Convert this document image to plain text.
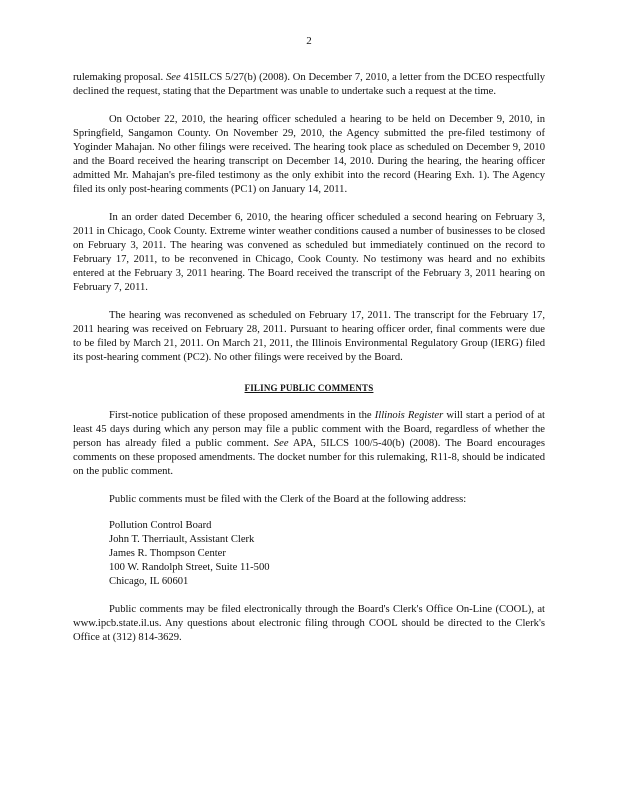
2

rulemaking proposal. See 415ILCS 5/27(b) (2008). On December 7, 2010, a letter from the DCEO respectfully declined the request, stating that the Department was unable to undertake such a request at the time.

On October 22, 2010, the hearing officer scheduled a hearing to be held on December 9, 2010, in Springfield, Sangamon County. On November 29, 2010, the Agency submitted the pre-filed testimony of Yoginder Mahajan. No other filings were received. The hearing took place as scheduled on December 9, 2010 and the Board received the hearing transcript on December 14, 2010. During the hearing, the hearing officer admitted Mr. Mahajan's pre-filed testimony as the only exhibit into the record (Hearing Exh. 1). The Agency filed its only post-hearing comments (PC1) on January 14, 2011.

In an order dated December 6, 2010, the hearing officer scheduled a second hearing on February 3, 2011 in Chicago, Cook County. Extreme winter weather conditions caused a number of businesses to be closed on February 3, 2011. The hearing was convened as scheduled but immediately continued on the record to February 17, 2011, to be reconvened in Chicago, Cook County. No testimony was heard and no exhibits entered at the February 3, 2011 hearing. The Board received the transcript of the February 3, 2011 hearing on February 7, 2011.

The hearing was reconvened as scheduled on February 17, 2011. The transcript for the February 17, 2011 hearing was received on February 28, 2011. Pursuant to hearing officer order, final comments were due to be filed by March 21, 2011. On March 21, 2011, the Illinois Environmental Regulatory Group (IERG) filed its post-hearing comment (PC2). No other filings were received by the Board.

FILING PUBLIC COMMENTS

First-notice publication of these proposed amendments in the Illinois Register will start a period of at least 45 days during which any person may file a public comment with the Board, regardless of whether the person has already filed a public comment. See APA, 5ILCS 100/5-40(b) (2008). The Board encourages comments on these proposed amendments. The docket number for this rulemaking, R11-8, should be indicated on the public comment.

Public comments must be filed with the Clerk of the Board at the following address:

Pollution Control Board
John T. Therriault, Assistant Clerk
James R. Thompson Center
100 W. Randolph Street, Suite 11-500
Chicago, IL 60601

Public comments may be filed electronically through the Board's Clerk's Office On-Line (COOL), at www.ipcb.state.il.us. Any questions about electronic filing through COOL should be directed to the Clerk's Office at (312) 814-3629.
